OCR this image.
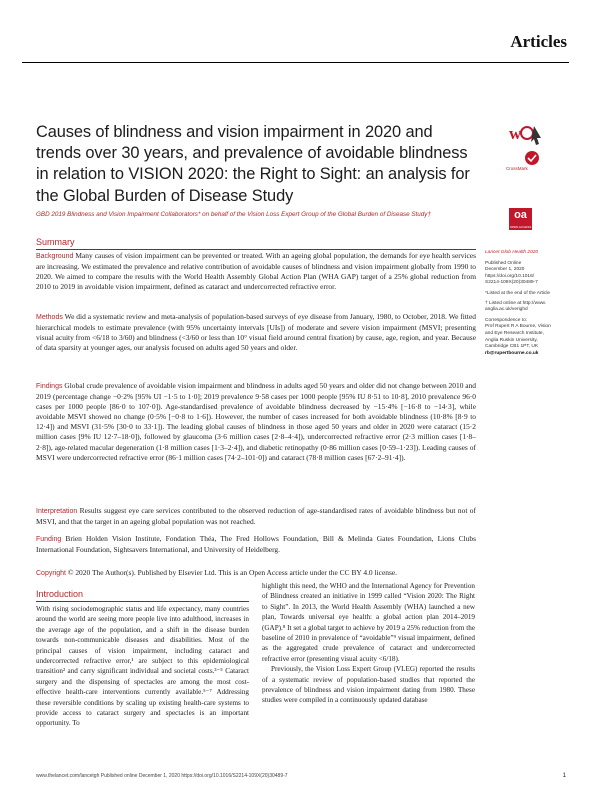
Articles
Causes of blindness and vision impairment in 2020 and trends over 30 years, and prevalence of avoidable blindness in relation to VISION 2020: the Right to Sight: an analysis for the Global Burden of Disease Study
w
CrossMark
GBD 2019 Blindness and Vision Impairment Collaborators* on behalf of the Vision Loss Expert Group of the Global Burden of Disease Study†	oa
OPEN ACCESS
Summary
Background Many causes of vision impairment can be prevented or treated. With an ageing global population, the demands for eye health services are increasing. We estimated the prevalence and relative contribution of avoidable causes of blindness and vision impairment globally from 1990 to 2020. We aimed to compare the results with the World Health Assembly Global Action Plan (WHA GAP) target of a 25% global reduction from 2010 to 2019 in avoidable vision impairment, defined as cataract and undercorrected refractive error.
Methods We did a systematic review and meta-analysis of population-based surveys of eye disease from January, 1980, to October, 2018. We fitted hierarchical models to estimate prevalence (with 95% uncertainty intervals [UIs]) of moderate and severe vision impairment (MSVI; presenting visual acuity from <6/18 to 3/60) and blindness (<3/60 or less than 10° visual field around central fixation) by cause, age, region, and year. Because of data sparsity at younger ages, our analysis focused on adults aged 50 years and older.
Findings Global crude prevalence of avoidable vision impairment and blindness in adults aged 50 years and older did not change between 2010 and 2019 (percentage change −0·2% [95% UI −1·5 to 1·0]; 2019 prevalence 9·58 cases per 1000 people [95% IU 8·51 to 10·8], 2010 prevalence 96·0 cases per 1000 people [86·0 to 107·0]). Age-standardised prevalence of avoidable blindness decreased by −15·4% [−16·8 to −14·3], while avoidable MSVI showed no change (0·5% [−0·8 to 1·6]). However, the number of cases increased for both avoidable blindness (10·8% [8·9 to 12·4]) and MSVI (31·5% [30·0 to 33·1]). The leading global causes of blindness in those aged 50 years and older in 2020 were cataract (15·2 million cases [9% IU 12·7–18·0]), followed by glaucoma (3·6 million cases [2·8–4·4]), undercorrected refractive error (2·3 million cases [1·8–2·8]), age-related macular degeneration (1·8 million cases [1·3–2·4]), and diabetic retinopathy (0·86 million cases [0·59–1·23]). Leading causes of MSVI were undercorrected refractive error (86·1 million cases [74·2–101·0]) and cataract (78·8 million cases [67·2–91·4]).
Interpretation Results suggest eye care services contributed to the observed reduction of age-standardised rates of avoidable blindness but not of MSVI, and that the target in an ageing global population was not reached.
Funding Brien Holden Vision Institute, Fondation Théa, The Fred Hollows Foundation, Bill & Melinda Gates Foundation, Lions Clubs International Foundation, Sightsavers International, and University of Heidelberg.
Copyright © 2020 The Author(s). Published by Elsevier Ltd. This is an Open Access article under the CC BY 4.0 license.
Lancet Glob Health 2020
Published Online
December 1, 2020
https://doi.org/10.1016/
S2214-109X(20)30489-7
*Listed at the end of the Article
† Listed online at http://www.
anglia.ac.uk/verighd
Correspondence to:
Prof Rupert R A Bourne, Vision
and Eye Research Institute,
Anglia Ruskin University,
Cambridge CB1 1PT, UK
rb@rupertbourne.co.uk
Introduction

With rising sociodemographic status and life expectancy, many countries around the world are seeing more people live into adulthood, increases in the average age of the population, and a shift in the disease burden towards non-communicable diseases and disabilities. Most of the principal causes of vision impairment, including cataract and undercorrected refractive error,¹ are subject to this epidemiological transition² and carry significant individual and societal costs.³⁻⁵ Cataract surgery and the dispensing of spectacles are among the most cost-effective health-care interventions currently available.⁵⁻⁷ Addressing these reversible conditions by scaling up existing health-care systems to provide access to cataract surgery and spectacles is an important opportunity. To

highlight this need, the WHO and the International Agency for Prevention of Blindness created an initiative in 1999 called “Vision 2020: The Right to Sight”. In 2013, the World Health Assembly (WHA) launched a new plan, Towards universal eye health: a global action plan 2014–2019 (GAP).⁸ It set a global target to achieve by 2019 a 25% reduction from the baseline of 2010 in prevalence of “avoidable”⁹ visual impairment, defined as the aggregated crude prevalence of cataract and undercorrected refractive error (presenting visual acuity <6/18).

Previously, the Vision Loss Expert Group (VLEG) reported the results of a systematic review of population-based studies that reported the prevalence of blindness and vision impairment dating from 1980. These studies were compiled in a continuously updated database

www.thelancet.com/lancetgh Published online December 1, 2020 https://doi.org/10.1016/S2214-109X(20)30489-7	1
